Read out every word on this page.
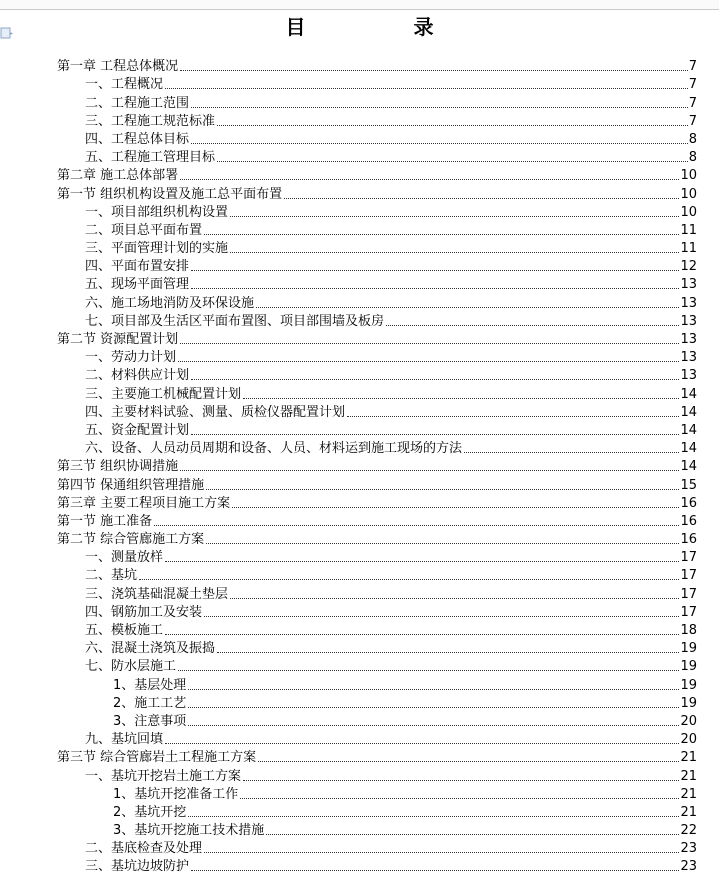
目　录
第一章 工程总体概况	7
一、工程概况	7
二、工程施工范围	7
三、工程施工规范标准	7
四、工程总体目标	8
五、工程施工管理目标	8
第二章 施工总体部署	10
第一节 组织机构设置及施工总平面布置	10
一、项目部组织机构设置	10
二、项目总平面布置	11
三、平面管理计划的实施	11
四、平面布置安排	12
五、现场平面管理	13
六、施工场地消防及环保设施	13
七、项目部及生活区平面布置图、项目部围墙及板房	13
第二节 资源配置计划	13
一、劳动力计划	13
二、材料供应计划	13
三、主要施工机械配置计划	14
四、主要材料试验、测量、质检仪器配置计划	14
五、资金配置计划	14
六、设备、人员动员周期和设备、人员、材料运到施工现场的方法	14
第三节 组织协调措施	14
第四节 保通组织管理措施	15
第三章 主要工程项目施工方案	16
第一节 施工准备	16
第二节 综合管廊施工方案	16
一、测量放样	17
二、基坑	17
三、浇筑基础混凝土垫层	17
四、钢筋加工及安装	17
五、模板施工	18
六、混凝土浇筑及振捣	19
七、防水层施工	19
1、基层处理	19
2、施工工艺	19
3、注意事项	20
九、基坑回填	20
第三节 综合管廊岩土工程施工方案	21
一、基坑开挖岩土施工方案	21
1、基坑开挖准备工作	21
2、基坑开挖	21
3、基坑开挖施工技术措施	22
二、基底检查及处理	23
三、基坑边坡防护	23
